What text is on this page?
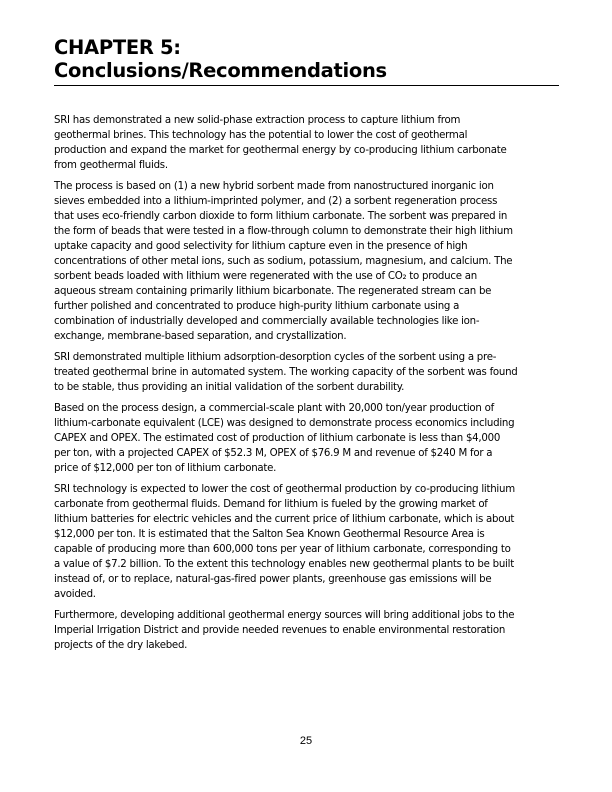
CHAPTER 5:
Conclusions/Recommendations

SRI has demonstrated a new solid-phase extraction process to capture lithium from
geothermal brines. This technology has the potential to lower the cost of geothermal
production and expand the market for geothermal energy by co-producing lithium carbonate
from geothermal fluids.

The process is based on (1) a new hybrid sorbent made from nanostructured inorganic ion
sieves embedded into a lithium-imprinted polymer, and (2) a sorbent regeneration process
that uses eco-friendly carbon dioxide to form lithium carbonate. The sorbent was prepared in
the form of beads that were tested in a flow-through column to demonstrate their high lithium
uptake capacity and good selectivity for lithium capture even in the presence of high
concentrations of other metal ions, such as sodium, potassium, magnesium, and calcium. The
sorbent beads loaded with lithium were regenerated with the use of CO₂ to produce an
aqueous stream containing primarily lithium bicarbonate. The regenerated stream can be
further polished and concentrated to produce high-purity lithium carbonate using a
combination of industrially developed and commercially available technologies like ion-
exchange, membrane-based separation, and crystallization.

SRI demonstrated multiple lithium adsorption-desorption cycles of the sorbent using a pre-
treated geothermal brine in automated system. The working capacity of the sorbent was found
to be stable, thus providing an initial validation of the sorbent durability.

Based on the process design, a commercial-scale plant with 20,000 ton/year production of
lithium-carbonate equivalent (LCE) was designed to demonstrate process economics including
CAPEX and OPEX. The estimated cost of production of lithium carbonate is less than $4,000
per ton, with a projected CAPEX of $52.3 M, OPEX of $76.9 M and revenue of $240 M for a
price of $12,000 per ton of lithium carbonate.

SRI technology is expected to lower the cost of geothermal production by co-producing lithium
carbonate from geothermal fluids. Demand for lithium is fueled by the growing market of
lithium batteries for electric vehicles and the current price of lithium carbonate, which is about
$12,000 per ton. It is estimated that the Salton Sea Known Geothermal Resource Area is
capable of producing more than 600,000 tons per year of lithium carbonate, corresponding to
a value of $7.2 billion. To the extent this technology enables new geothermal plants to be built
instead of, or to replace, natural-gas-fired power plants, greenhouse gas emissions will be
avoided.

Furthermore, developing additional geothermal energy sources will bring additional jobs to the
Imperial Irrigation District and provide needed revenues to enable environmental restoration
projects of the dry lakebed.

25
